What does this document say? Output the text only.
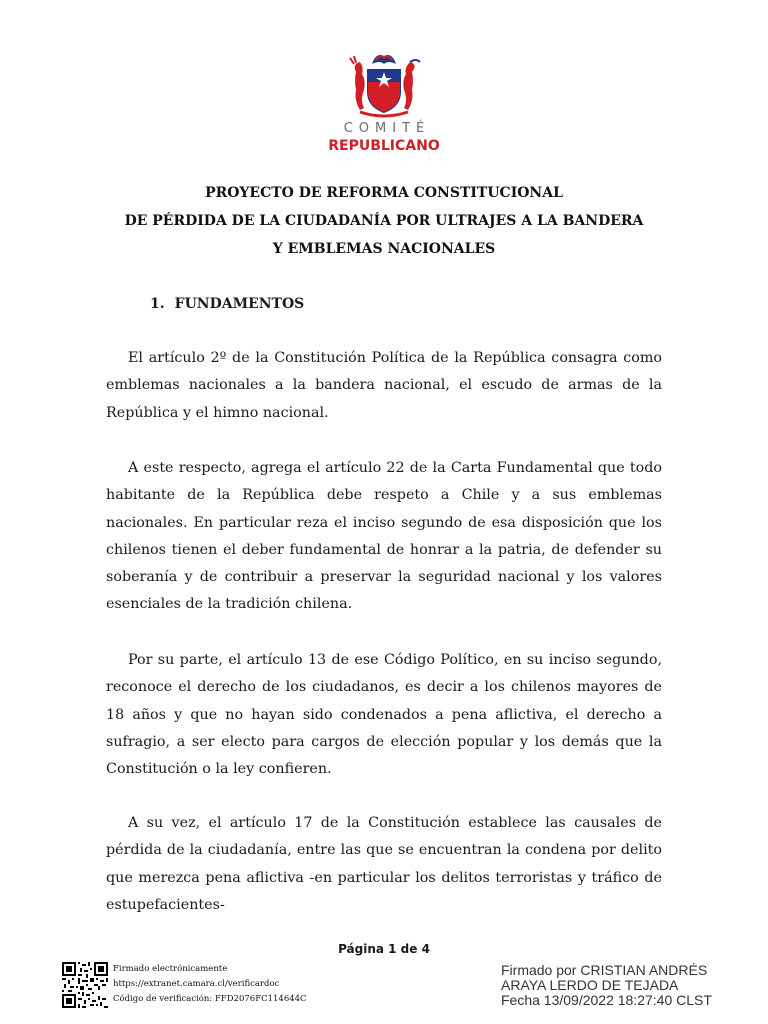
COMITÉ
REPUBLICANO
PROYECTO DE REFORMA CONSTITUCIONAL
DE PÉRDIDA DE LA CIUDADANÍA POR ULTRAJES A LA BANDERA
Y EMBLEMAS NACIONALES
1. FUNDAMENTOS

El artículo 2º de la Constitución Política de la República consagra como emblemas nacionales a la bandera nacional, el escudo de armas de la República y el himno nacional.

A este respecto, agrega el artículo 22 de la Carta Fundamental que todo habitante de la República debe respeto a Chile y a sus emblemas nacionales. En particular reza el inciso segundo de esa disposición que los chilenos tienen el deber fundamental de honrar a la patria, de defender su soberanía y de contribuir a preservar la seguridad nacional y los valores esenciales de la tradición chilena.

Por su parte, el artículo 13 de ese Código Político, en su inciso segundo, reconoce el derecho de los ciudadanos, es decir a los chilenos mayores de 18 años y que no hayan sido condenados a pena aflictiva, el derecho a sufragio, a ser electo para cargos de elección popular y los demás que la Constitución o la ley confieren.

A su vez, el artículo 17 de la Constitución establece las causales de pérdida de la ciudadanía, entre las que se encuentran la condena por delito que merezca pena aflictiva -en particular los delitos terroristas y tráfico de estupefacientes-

Página 1 de 4
Firmado electrónicamente
https://extranet.camara.cl/verificardoc
Código de verificación: FFD2076FC114644C
Firmado por CRISTIAN ANDRÉS
ARAYA LERDO DE TEJADA
Fecha 13/09/2022 18:27:40 CLST
